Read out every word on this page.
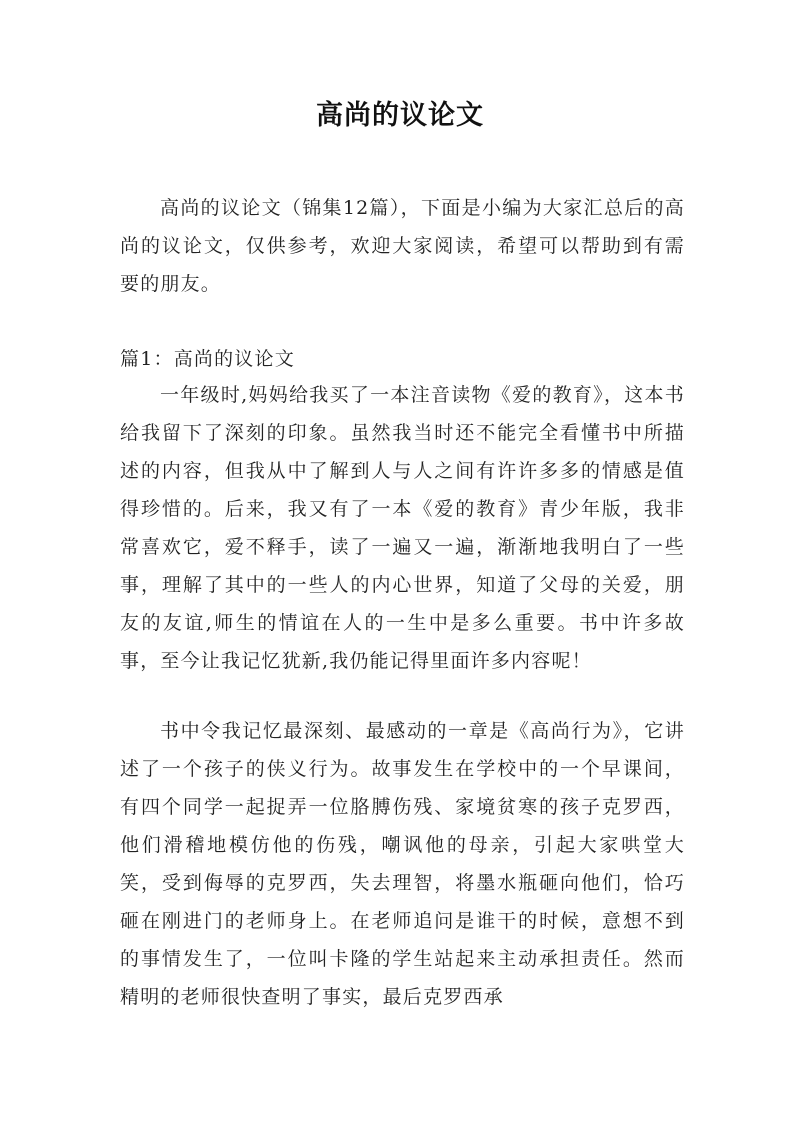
高尚的议论文

高尚的议论文（锦集12篇），下面是小编为大家汇总后的高尚的议论文，仅供参考，欢迎大家阅读，希望可以帮助到有需要的朋友。

篇1：高尚的议论文

一年级时,妈妈给我买了一本注音读物《爱的教育》，这本书给我留下了深刻的印象。虽然我当时还不能完全看懂书中所描述的内容，但我从中了解到人与人之间有许许多多的情感是值得珍惜的。后来，我又有了一本《爱的教育》青少年版，我非常喜欢它，爱不释手，读了一遍又一遍，渐渐地我明白了一些事，理解了其中的一些人的内心世界，知道了父母的关爱，朋友的友谊,师生的情谊在人的一生中是多么重要。书中许多故事，至今让我记忆犹新,我仍能记得里面许多内容呢！

书中令我记忆最深刻、最感动的一章是《高尚行为》，它讲述了一个孩子的侠义行为。故事发生在学校中的一个早课间，有四个同学一起捉弄一位胳膊伤残、家境贫寒的孩子克罗西，他们滑稽地模仿他的伤残，嘲讽他的母亲，引起大家哄堂大笑，受到侮辱的克罗西，失去理智，将墨水瓶砸向他们，恰巧砸在刚进门的老师身上。在老师追问是谁干的时候，意想不到的事情发生了，一位叫卡隆的学生站起来主动承担责任。然而精明的老师很快查明了事实，最后克罗西承
